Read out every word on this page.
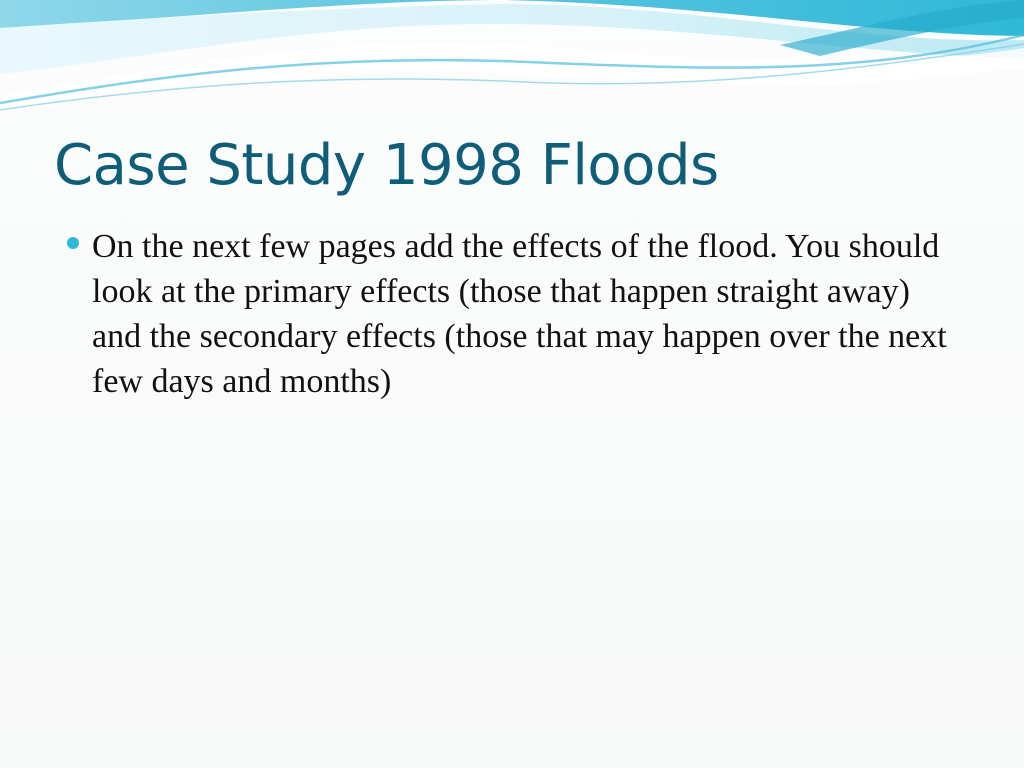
Case Study 1998 Floods
On the next few pages add the effects of the flood. You should look at the primary effects (those that happen straight away) and the secondary effects (those that may happen over the next few days and months)
